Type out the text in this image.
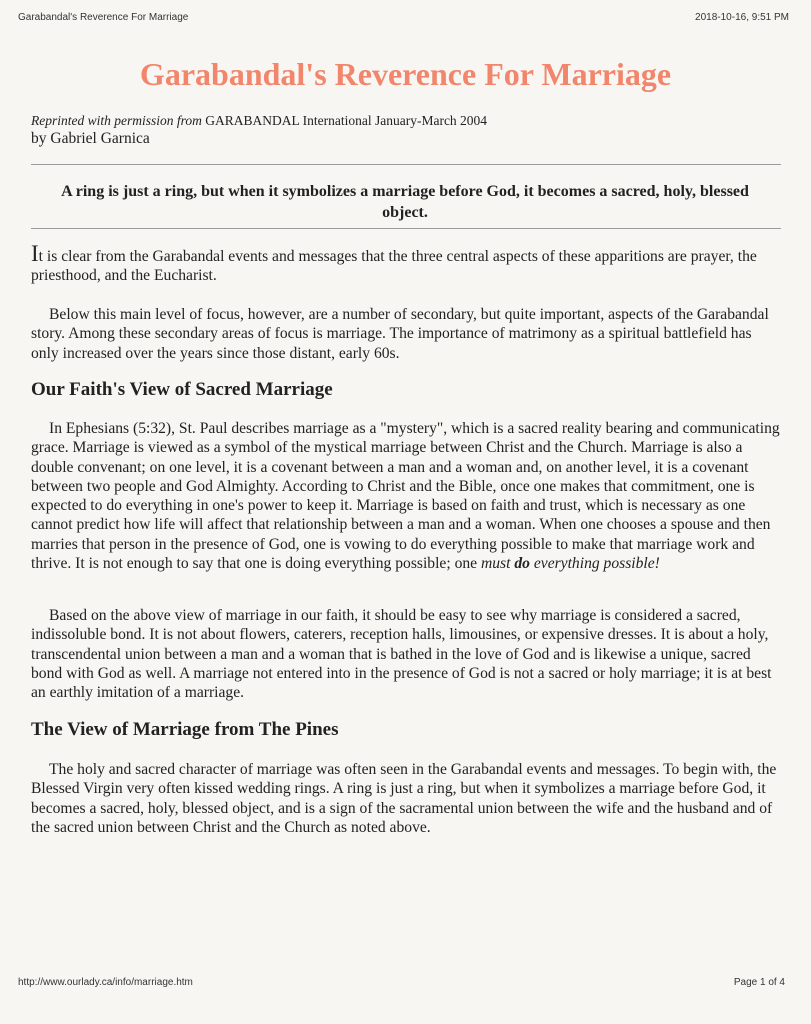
Garabandal's Reverence For Marriage	2018-10-16, 9:51 PM
Garabandal's Reverence For Marriage
Reprinted with permission from GARABANDAL International January-March 2004
by Gabriel Garnica

A ring is just a ring, but when it symbolizes a marriage before God, it becomes a sacred, holy, blessed object.

It is clear from the Garabandal events and messages that the three central aspects of these apparitions are prayer, the priesthood, and the Eucharist.

Below this main level of focus, however, are a number of secondary, but quite important, aspects of the Garabandal story. Among these secondary areas of focus is marriage. The importance of matrimony as a spiritual battlefield has only increased over the years since those distant, early 60s.

Our Faith's View of Sacred Marriage

In Ephesians (5:32), St. Paul describes marriage as a "mystery", which is a sacred reality bearing and communicating grace. Marriage is viewed as a symbol of the mystical marriage between Christ and the Church. Marriage is also a double convenant; on one level, it is a covenant between a man and a woman and, on another level, it is a covenant between two people and God Almighty. According to Christ and the Bible, once one makes that commitment, one is expected to do everything in one's power to keep it. Marriage is based on faith and trust, which is necessary as one cannot predict how life will affect that relationship between a man and a woman. When one chooses a spouse and then marries that person in the presence of God, one is vowing to do everything possible to make that marriage work and thrive. It is not enough to say that one is doing everything possible; one must do everything possible!

Based on the above view of marriage in our faith, it should be easy to see why marriage is considered a sacred, indissoluble bond. It is not about flowers, caterers, reception halls, limousines, or expensive dresses. It is about a holy, transcendental union between a man and a woman that is bathed in the love of God and is likewise a unique, sacred bond with God as well. A marriage not entered into in the presence of God is not a sacred or holy marriage; it is at best an earthly imitation of a marriage.

The View of Marriage from The Pines

The holy and sacred character of marriage was often seen in the Garabandal events and messages. To begin with, the Blessed Virgin very often kissed wedding rings. A ring is just a ring, but when it symbolizes a marriage before God, it becomes a sacred, holy, blessed object, and is a sign of the sacramental union between the wife and the husband and of the sacred union between Christ and the Church as noted above.

http://www.ourlady.ca/info/marriage.htm	Page 1 of 4
